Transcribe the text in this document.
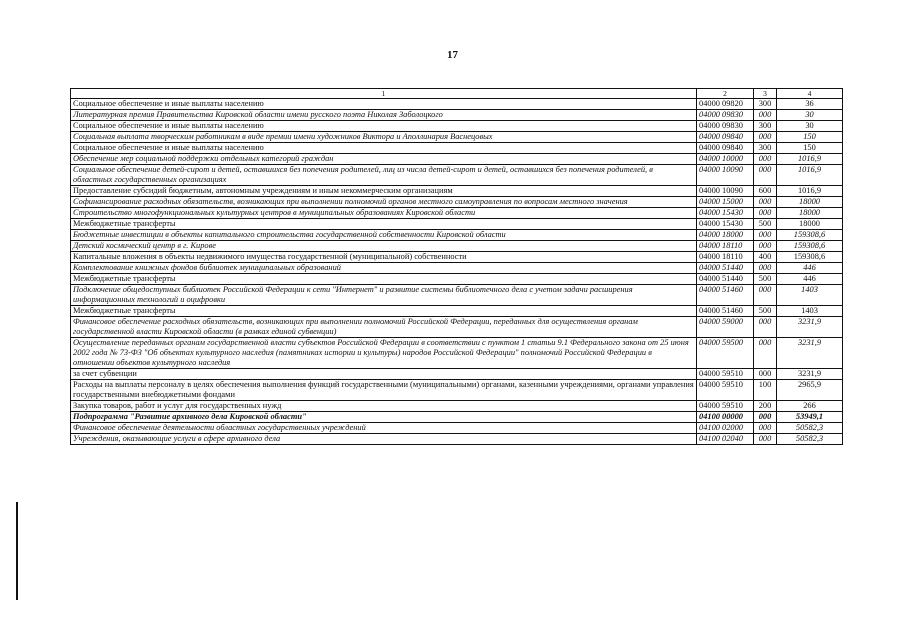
17
1	2	3	4
Социальное обеспечение и иные выплаты населению	04000 09820	300	36
Литературная премия Правительства Кировской области имени русского поэта Николая Заболоцкого	04000 09830	000	30
Социальное обеспечение и иные выплаты населению	04000 09830	300	30
Социальная выплата творческим работникам в виде премии имени художников Виктора и Аполлинария Васнецовых	04000 09840	000	150
Социальное обеспечение и иные выплаты населению	04000 09840	300	150
Обеспечение мер социальной поддержки отдельных категорий граждан	04000 10000	000	1016,9
Социальное обеспечение детей-сирот и детей, оставшихся без попечения родителей, лиц из числа детей-сирот и детей, оставшихся без попечения родителей, в областных государственных организациях	04000 10090	000	1016,9
Предоставление субсидий бюджетным, автономным учреждениям и иным некоммерческим организациям	04000 10090	600	1016,9
Софинансирование расходных обязательств, возникающих при выполнении полномочий органов местного самоуправления по вопросам местного значения	04000 15000	000	18000
Строительство многофункциональных культурных центров в муниципальных образованиях Кировской области	04000 15430	000	18000
Межбюджетные трансферты	04000 15430	500	18000
Бюджетные инвестиции в объекты капитального строительства государственной собственности Кировской области	04000 18000	000	159308,6
Детский космический центр в г. Кирове	04000 18110	000	159308,6
Капитальные вложения в объекты недвижимого имущества государственной (муниципальной) собственности	04000 18110	400	159308,6
Комплектование книжных фондов библиотек муниципальных образований	04000 51440	000	446
Межбюджетные трансферты	04000 51440	500	446
Подключение общедоступных библиотек Российской Федерации к сети "Интернет" и развитие системы библиотечного дела с учетом задачи расширения информационных технологий и оцифровки	04000 51460	000	1403
Межбюджетные трансферты	04000 51460	500	1403
Финансовое обеспечение расходных обязательств, возникающих при выполнении полномочий Российской Федерации, переданных для осуществления органам государственной власти Кировской области (в рамках единой субвенции)	04000 59000	000	3231,9
Осуществление переданных органам государственной власти субъектов Российской Федерации в соответствии с пунктом 1 статьи 9.1 Федерального закона от 25 июня 2002 года № 73-ФЗ "Об объектах культурного наследия (памятниках истории и культуры) народов Российской Федерации" полномочий Российской Федерации в отношении объектов культурного наследия	04000 59500	000	3231,9
за счет субвенции	04000 59510	000	3231,9
Расходы на выплаты персоналу в целях обеспечения выполнения функций государственными (муниципальными) органами, казенными учреждениями, органами управления государственными внебюджетными фондами	04000 59510	100	2965,9
Закупка товаров, работ и услуг для государственных нужд	04000 59510	200	266
Подпрограмма "Развитие архивного дела Кировской области"	04100 00000	000	53949,1
Финансовое обеспечение деятельности областных государственных учреждений	04100 02000	000	50582,3
Учреждения, оказывающие услуги в сфере архивного дела	04100 02040	000	50582,3
